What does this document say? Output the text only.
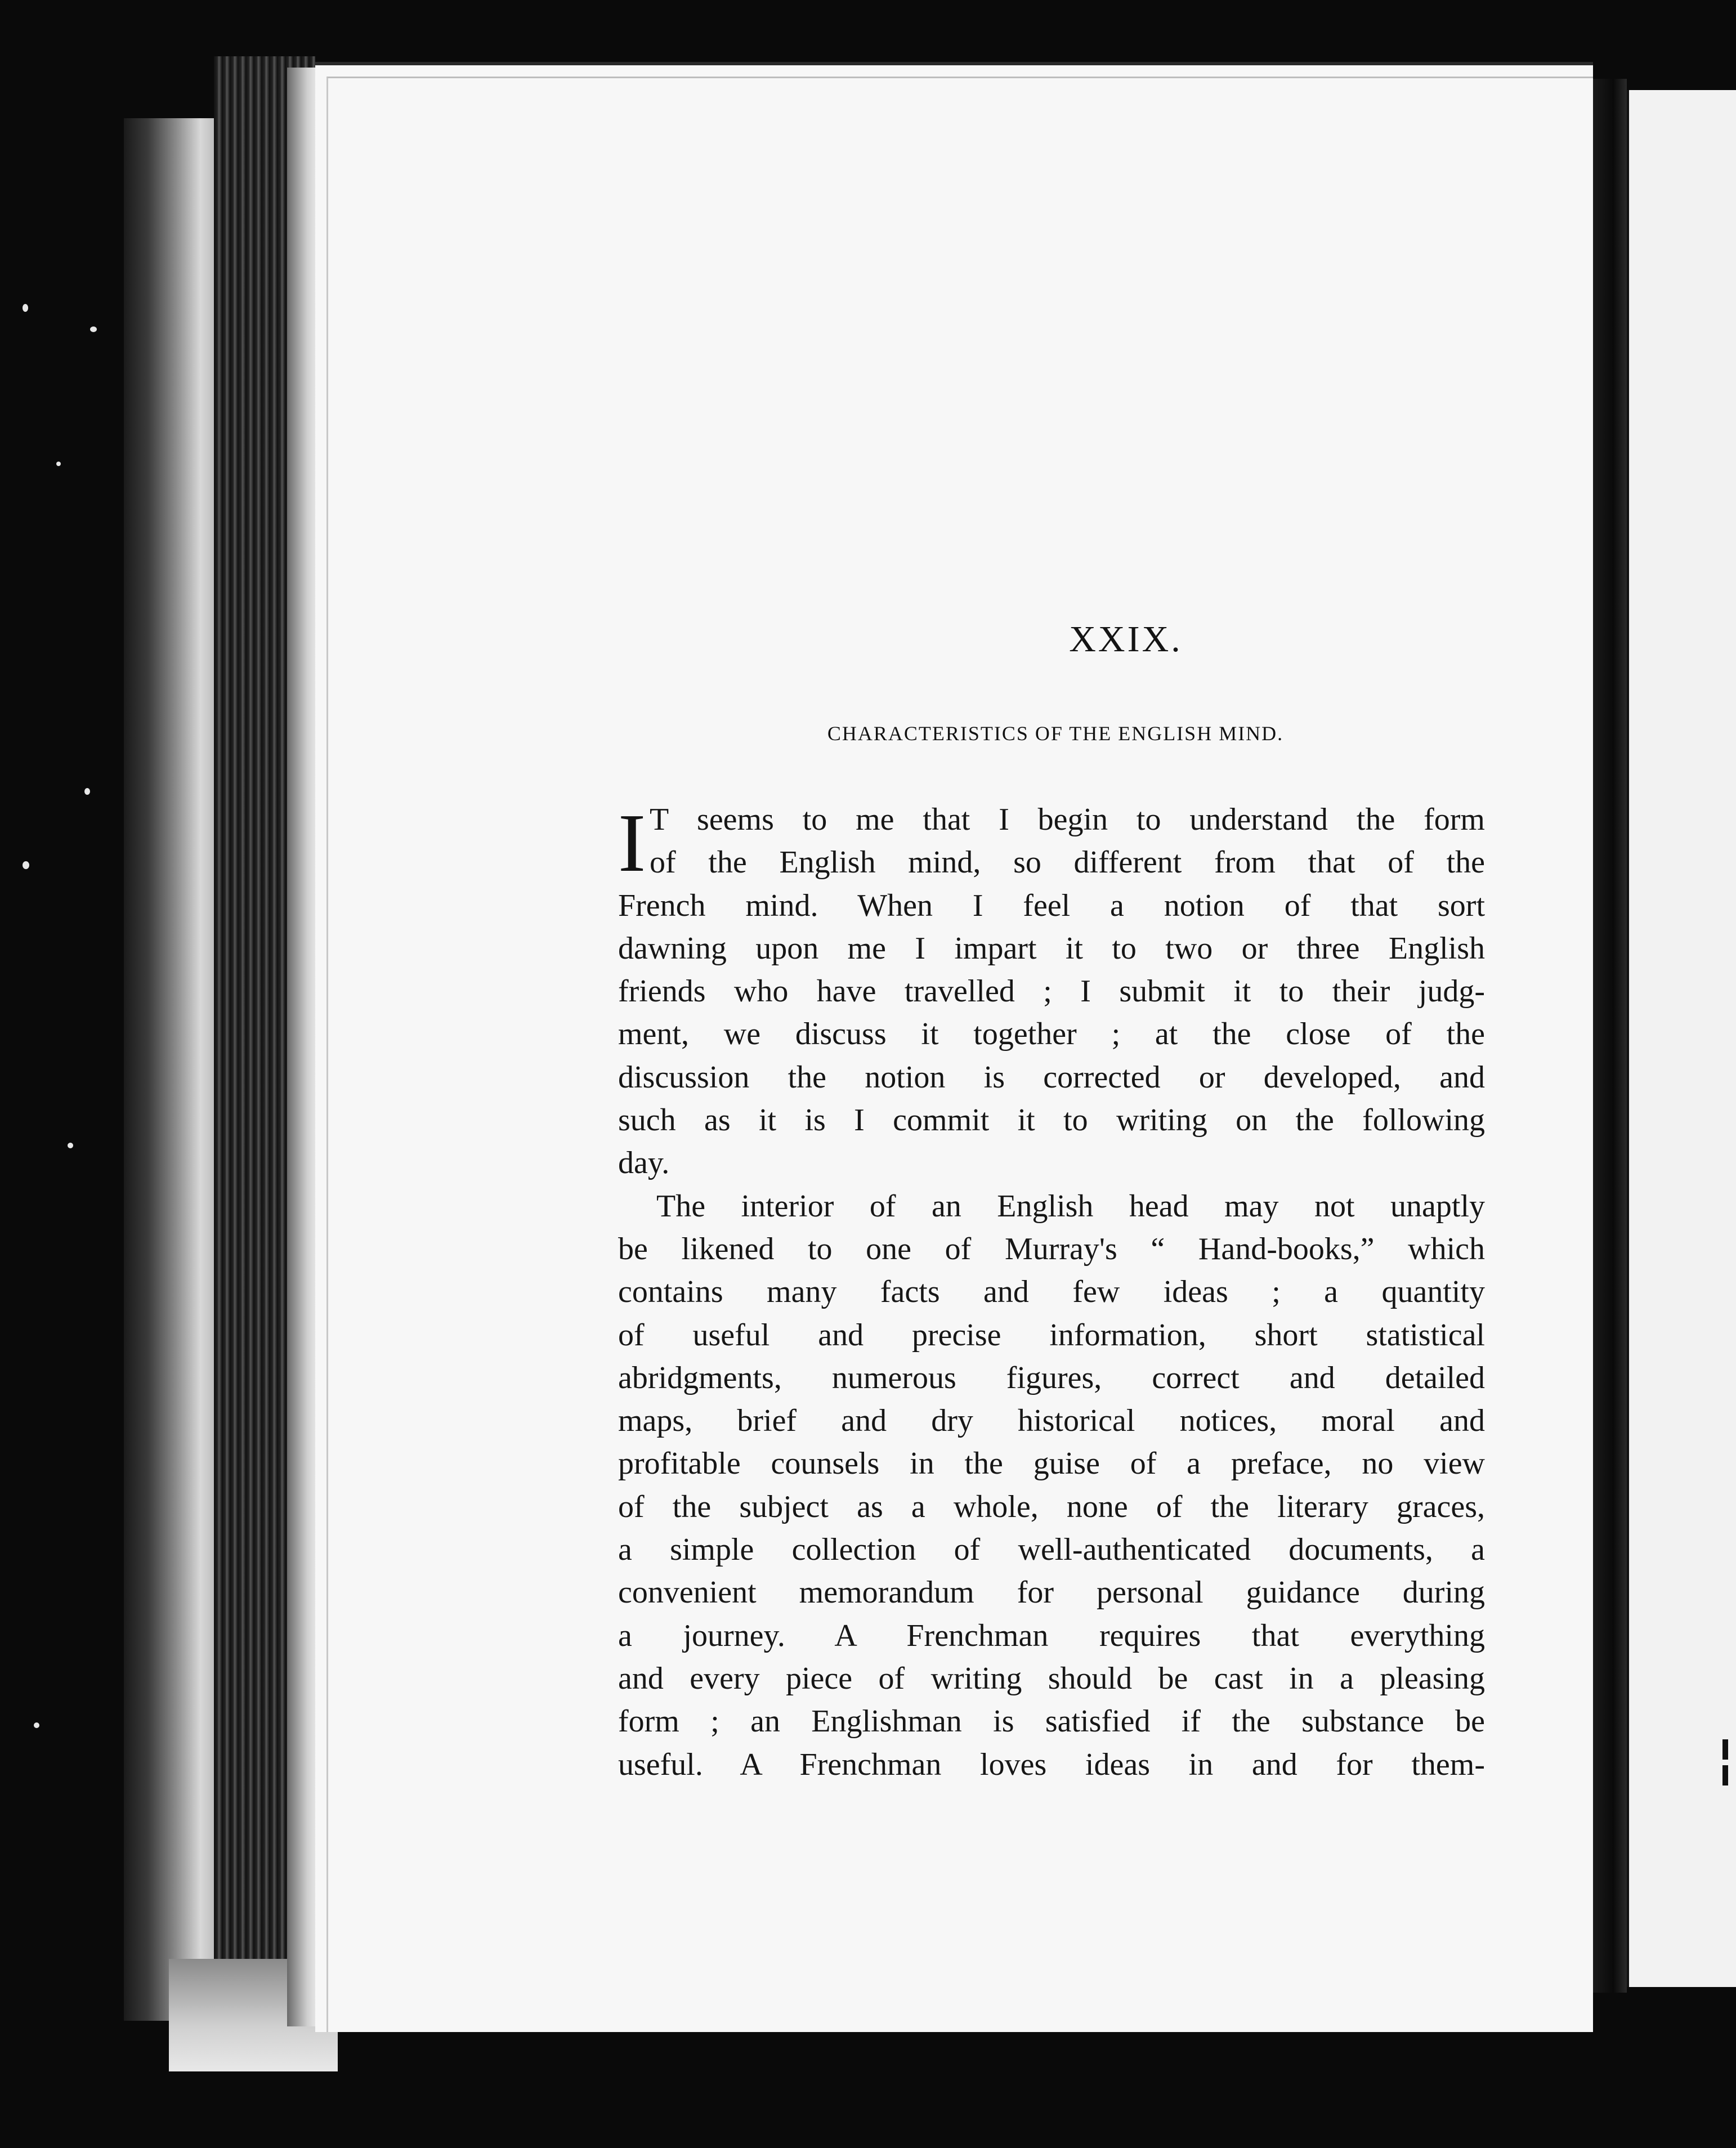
XXIX.
CHARACTERISTICS OF THE ENGLISH MIND.
I T seems to me that I begin to understand the form
of the English mind, so different from that of the
French mind. When I feel a notion of that sort
dawning upon me I impart it to two or three English
friends who have travelled ; I submit it to their judg-
ment, we discuss it together ; at the close of the
discussion the notion is corrected or developed, and
such as it is I commit it to writing on the following
day.
The interior of an English head may not unaptly
be likened to one of Murray's “ Hand-books,” which
contains many facts and few ideas ; a quantity
of useful and precise information, short statistical
abridgments, numerous figures, correct and detailed
maps, brief and dry historical notices, moral and
profitable counsels in the guise of a preface, no view
of the subject as a whole, none of the literary graces,
a simple collection of well-authenticated documents, a
convenient memorandum for personal guidance during
a journey. A Frenchman requires that everything
and every piece of writing should be cast in a pleasing
form ; an Englishman is satisfied if the substance be
useful. A Frenchman loves ideas in and for them-
